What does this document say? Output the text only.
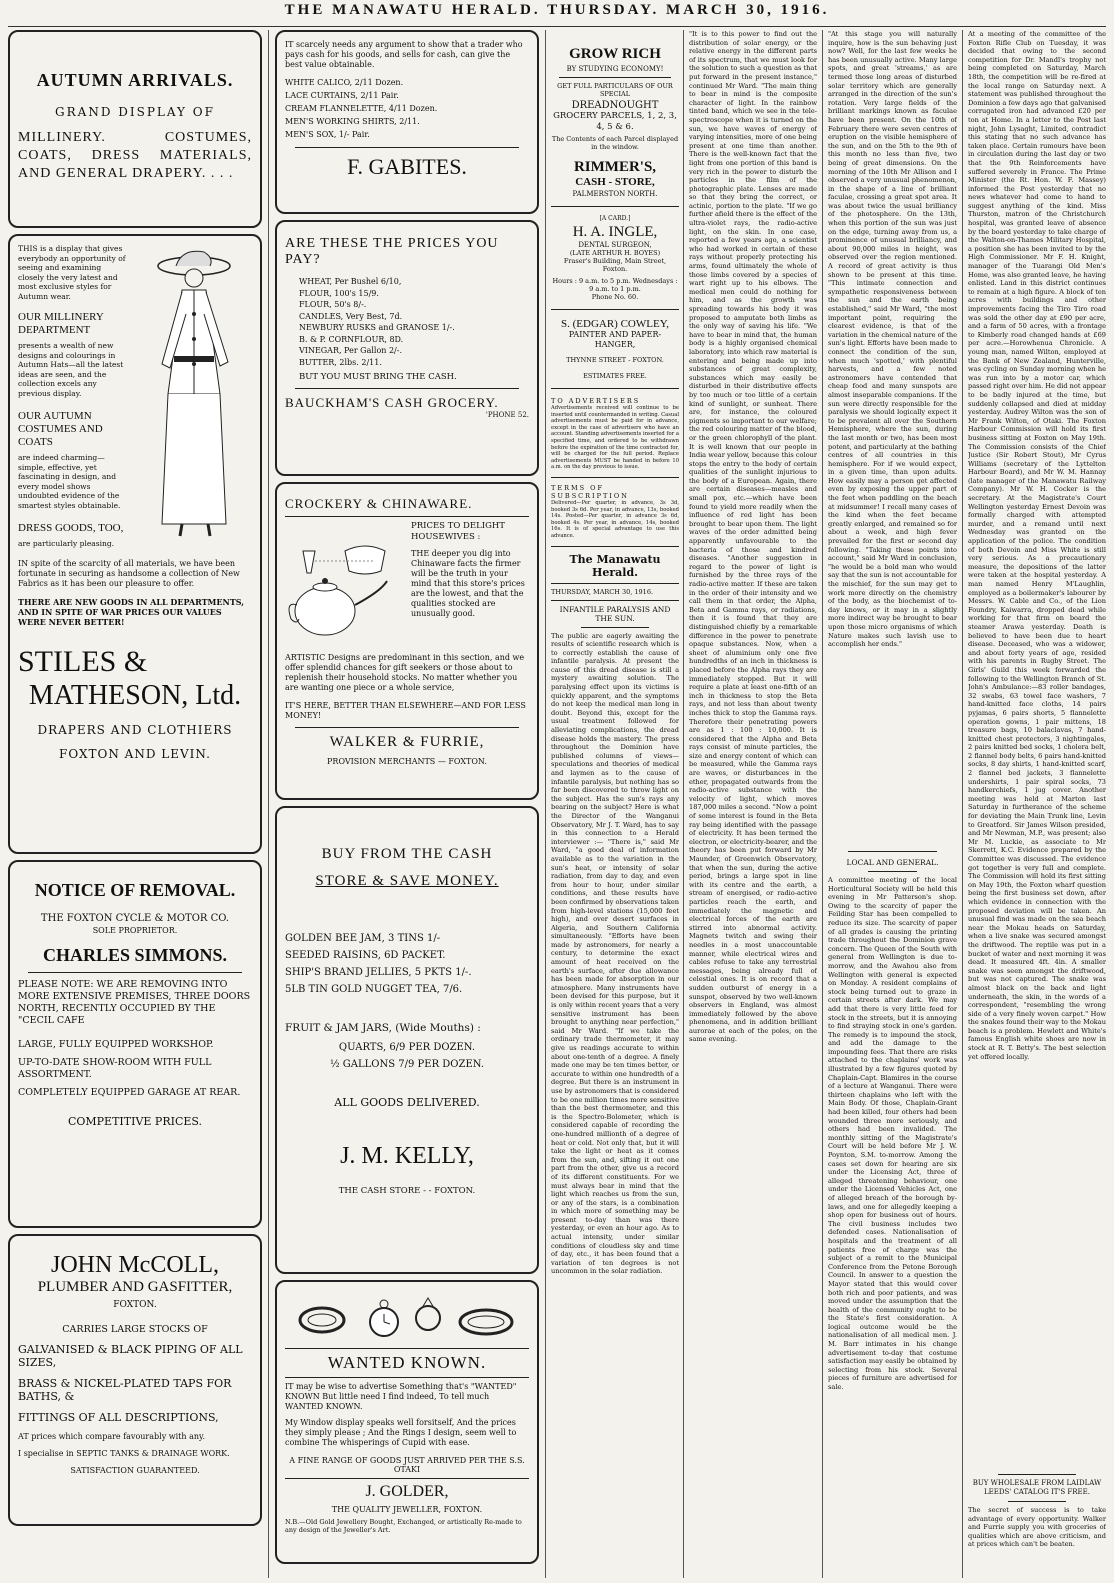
THE MANAWATU HERALD. THURSDAY. MARCH 30, 1916.
AUTUMN ARRIVALS.
GRAND DISPLAY OF
MILLINERY. COSTUMES, COATS, DRESS MATERIALS, AND GENERAL DRAPERY. . . .
THIS is a display that gives everybody an opportunity of seeing and examining closely the very latest and most exclusive styles for Autumn wear.
OUR MILLINERY DEPARTMENT
presents a wealth of new designs and colourings in Autumn Hats—all the latest ideas are seen, and the collection excels any previous display.
OUR AUTUMN COSTUMES AND COATS
are indeed charming—simple, effective, yet fascinating in design, and every model shows undoubted evidence of the smartest styles obtainable.
DRESS GOODS, TOO,
are particularly pleasing.
IN spite of the scarcity of all materials, we have been fortunate in securing as handsome a collection of New Fabrics as it has been our pleasure to offer.
THERE ARE NEW GOODS IN ALL DEPARTMENTS, AND IN SPITE OF WAR PRICES OUR VALUES WERE NEVER BETTER!
STILES &
MATHESON, Ltd.
DRAPERS AND CLOTHIERS
FOXTON AND LEVIN.
NOTICE OF REMOVAL.
THE FOXTON CYCLE & MOTOR CO.
SOLE PROPRIETOR.
CHARLES SIMMONS.
PLEASE NOTE: WE ARE REMOVING INTO MORE EXTENSIVE PREMISES, THREE DOORS NORTH, RECENTLY OCCUPIED BY THE "CECIL CAFE
LARGE, FULLY EQUIPPED WORKSHOP.
UP-TO-DATE SHOW-ROOM WITH FULL ASSORTMENT.
COMPLETELY EQUIPPED GARAGE AT REAR.
COMPETITIVE PRICES.
JOHN McCOLL,
PLUMBER AND GASFITTER,
FOXTON.
CARRIES LARGE STOCKS OF
GALVANISED & BLACK PIPING OF ALL SIZES,
BRASS & NICKEL-PLATED TAPS FOR BATHS, &
FITTINGS OF ALL DESCRIPTIONS,
AT prices which compare favourably with any.
I specialise in SEPTIC TANKS & DRAINAGE WORK.
SATISFACTION GUARANTEED.
IT scarcely needs any argument to show that a trader who pays cash for his goods, and sells for cash, can give the best value obtainable.
WHITE CALICO, 2/11 Dozen.
LACE CURTAINS, 2/11 Pair.
CREAM FLANNELETTE, 4/11 Dozen.
MEN'S WORKING SHIRTS, 2/11.
MEN'S SOX, 1/- Pair.
F. GABITES.
ARE THESE THE PRICES YOU PAY?
WHEAT, Per Bushel 6/10,
FLOUR, 100's 15/9.
FLOUR, 50's 8/-.
CANDLES, Very Best, 7d.
NEWBURY RUSKS and GRANOSE 1/-.
B. & P. CORNFLOUR, 8D.
VINEGAR, Per Gallon 2/-.
BUTTER, 2lbs. 2/11.
BUT YOU MUST BRING THE CASH.
BAUCKHAM'S CASH GROCERY.
'PHONE 52.
CROCKERY & CHINAWARE.
PRICES TO DELIGHT HOUSEWIVES :
THE deeper you dig into Chinaware facts the firmer will be the truth in your mind that this store's prices are the lowest, and that the qualities stocked are unusually good.
ARTISTIC Designs are predominant in this section, and we offer splendid chances for gift seekers or those about to replenish their household stocks. No matter whether you are wanting one piece or a whole service,
IT'S HERE, BETTER THAN ELSEWHERE—AND FOR LESS MONEY!
WALKER & FURRIE,
PROVISION MERCHANTS — FOXTON.
BUY FROM THE CASH
STORE & SAVE MONEY.
GOLDEN BEE JAM, 3 TINS 1/-
SEEDED RAISINS, 6D PACKET.
SHIP'S BRAND JELLIES, 5 PKTS 1/-.
5LB TIN GOLD NUGGET TEA, 7/6.
FRUIT & JAM JARS, (Wide Mouths) :
QUARTS, 6/9 PER DOZEN.
½ GALLONS 7/9 PER DOZEN.
ALL GOODS DELIVERED.
J. M. KELLY,
THE CASH STORE - - FOXTON.
WANTED KNOWN.
IT may be wise to advertise Something that's "WANTED" KNOWN But little need I find indeed, To tell much WANTED KNOWN.
My Window display speaks well forsitself, And the prices they simply please ; And the Rings I design, seem well to combine The whisperings of Cupid with ease.
A FINE RANGE OF GOODS JUST ARRIVED PER THE S.S. OTAKI
J. GOLDER,
THE QUALITY JEWELLER, FOXTON.
N.B.—Old Gold Jewellery Bought, Exchanged, or artistically Re-made to any design of the Jeweller's Art.
GROW RICH
BY STUDYING ECONOMY!
GET FULL PARTICULARS OF OUR SPECIAL
DREADNOUGHT
GROCERY PARCELS, 1, 2, 3, 4, 5 & 6.
The Contents of each Parcel displayed in the window.
RIMMER'S,
CASH - STORE,
PALMERSTON NORTH.
[A CARD.]
H. A. INGLE,
DENTAL SURGEON,
(LATE ARTHUR H. BOYES)
Fraser's Building, Main Street, Foxton.
Hours : 9 a.m. to 5 p.m. Wednesdays : 9 a.m. to 1 p.m.
Phone No. 60.
S. (EDGAR) COWLEY,
PAINTER AND PAPER-HANGER,
THYNNE STREET - FOXTON.
ESTIMATES FREE.
TO ADVERTISERS
Advertisements received will continue to be inserted until countermanded in writing. Casual advertisements must be paid for in advance, except in the case of advertisers who have an account. Standing advertisements inserted for a specified time, and ordered to be withdrawn before the expiration of the time contracted for, will be charged for the full period. Replace advertisements MUST be handed in before 10 a.m. on the day previous to issue.
TERMS OF SUBSCRIPTION
Delivered—Per quarter, in advance, 3s 3d, booked 3s 6d. Per year, in advance, 13s, booked 14s. Posted—Per quarter, in advance 3s 6d, booked 4s. Per year, in advance, 14s, booked 16s. It is of special advantage to use this advance.
The Manawatu Herald.
THURSDAY, MARCH 30, 1916.
INFANTILE PARALYSIS AND THE SUN.
The public are eagerly awaiting the results of scientific research which is to correctly establish the cause of infantile paralysis. At present the cause of this dread disease is still a mystery awaiting solution. The paralysing effect upon its victims is quickly apparent, and the symptoms do not keep the medical man long in doubt. Beyond this, except for the usual treatment followed for alleviating complications, the dread disease holds the mastery. The press throughout the Dominion have published columns of views—speculations and theories of medical and laymen as to the cause of infantile paralysis, but nothing has so far been discovered to throw light on the subject. Has the sun's rays any bearing on the subject? Here is what the Director of the Wanganui Observatory, Mr J. T. Ward, has to say in this connection to a Herald interviewer :— "There is," said Mr Ward, "a good deal of information available as to the variation in the sun's heat, or intensity of solar radiation, from day to day, and even from hour to hour, under similar conditions, and these results have been confirmed by observations taken from high-level stations (15,000 feet high), and over desert surfaces in Algeria, and Southern California simultaneously. "Efforts have been made by astronomers, for nearly a century, to determine the exact amount of heat received on the earth's surface, after due allowance has been made for absorption in our atmosphere. Many instruments have been devised for this purpose, but it is only within recent years that a very sensitive instrument has been brought to anything near perfection," said Mr Ward. "If we take the ordinary trade thermometer, it may give us readings accurate to within about one-tenth of a degree. A finely made one may be ten times better, or accurate to within one hundredth of a degree. But there is an instrument in use by astronomers that is considered to be one million times more sensitive than the best thermometer, and this is the Spectro-Bolometer, which is considered capable of recording the one-hundred millionth of a degree of heat or cold. Not only that, but it will take the light or heat as it comes from the sun, and, sifting it out one part from the other, give us a record of its different constituents. For we must always bear in mind that the light which reaches us from the sun, or any of the stars, is a combination in which more of something may be present to-day than was there yesterday, or even an hour ago. As to actual intensity, under similar conditions of cloudless sky and time of day, etc., it has been found that a variation of ten degrees is not uncommon in the solar radiation.
"It is to this power to find out the distribution of solar energy, or the relative energy in the different parts of its spectrum, that we must look for the solution to such a question as that put forward in the present instance," continued Mr Ward. "The main thing to bear in mind is the composite character of light. In the rainbow tinted band, which we see in the tele-spectroscope when it is turned on the sun, we have waves of energy of varying intensities, more of one being present at one time than another. There is the well-known fact that the light from one portion of this band is very rich in the power to disturb the particles in the film of the photographic plate. Lenses are made so that they bring the correct, or actinic, portion to the plate. "If we go further afield there is the effect of the ultra-violet rays, the radio-active light, on the skin. In one case, reported a few years ago, a scientist who had worked in certain of these rays without properly protecting his arms, found ultimately the whole of those limbs covered by a species of wart right up to his elbows. The medical men could do nothing for him, and as the growth was spreading towards his body it was proposed to amputate both limbs as the only way of saving his life. "We have to bear in mind that, the human body is a highly organised chemical laboratory, into which raw material is entering and being made up into substances of great complexity, substances which may easily be disturbed in their distributive effects by too much or too little of a certain kind of sunlight, or sunheat. There are, for instance, the coloured pigments so important to our welfare; the red colouring matter of the blood, or the green chlorophyll of the plant. It is well known that our people in India wear yellow, because this colour stops the entry to the body of certain qualities of the sunlight injurious to the body of a European. Again, there are certain diseases—measles and small pox, etc.—which have been found to yield more readily when the influence of red light has been brought to bear upon them. The light waves of the order admitted being apparently unfavourable to the bacteria of those and kindred diseases. "Another suggestion in regard to the power of light is furnished by the three rays of the radio-active matter. If these are taken in the order of their intensity and we call them in that order, the Alpha, Beta and Gamma rays, or radiations, then it is found that they are distinguished chiefly by a remarkable difference in the power to penetrate opaque substances. Now, when a sheet of aluminium only one five hundredths of an inch in thickness is placed before the Alpha rays they are immediately stopped. But it will require a plate at least one-fifth of an inch in thickness to stop the Beta rays, and not less than about twenty inches thick to stop the Gamma rays. Therefore their penetrating powers are as 1 : 100 : 10,000. It is considered that the Alpha and Beta rays consist of minute particles, the size and energy content of which can be measured, while the Gamma rays are waves, or disturbances in the ether, propagated outwards from the radio-active substance with the velocity of light, which moves 187,000 miles a second. "Now a point of some interest is found in the Beta ray being identified with the passage of electricity. It has been termed the electron, or electricity-bearer, and the theory has been put forward by Mr Maunder, of Greenwich Observatory, that when the sun, during the active period, brings a large spot in line with its centre and the earth, a stream of energised, or radio-active particles reach the earth, and immediately the magnetic and electrical forces of the earth are stirred into abnormal activity. Magnets twitch and swing their needles in a most unaccountable manner, while electrical wires and cables refuse to take any terrestrial messages, being already full of celestial ones. It is on record that a sudden outburst of energy in a sunspot, observed by two well-known observers in England, was almost immediately followed by the above phenomena, and in addition brilliant aurorae at each of the poles, on the same evening.
"At this stage you will naturally inquire, how is the sun behaving just now? Well, for the last few weeks he has been unusually active. Many large spots, and great 'streams,' as are termed those long areas of disturbed solar territory which are generally arranged in the direction of the sun's rotation. Very large fields of the brilliant markings known as faculae have been present. On the 10th of February there were seven centres of eruption on the visible hemisphere of the sun, and on the 5th to the 9th of this month no less than five, two being of great dimensions. On the morning of the 10th Mr Allison and I observed a very unusual phenomenon, in the shape of a line of brilliant faculae, crossing a great spot area. It was about twice the usual brilliancy of the photosphere. On the 13th, when this portion of the sun was just on the edge, turning away from us, a prominence of unusual brilliancy, and about 90,000 miles in height, was observed over the region mentioned. A record of great activity is thus shown to be present at this time. "This intimate connection and sympathetic responsiveness between the sun and the earth being established," said Mr Ward, "the most important point, requiring the clearest evidence, is that of the variation in the chemical nature of the sun's light. Efforts have been made to connect the condition of the sun, when much 'spotted,' with plentiful harvests, and a few noted astronomers have contended that cheap food and many sunspots are almost inseparable companions. If the sun were directly responsible for the paralysis we should logically expect it to be prevalent all over the Southern Hemisphere, where the sun, during the last month or two, has been most potent, and particularly at the bathing centres of all countries in this hemisphere. For if we would expect, in a given time, than upon adults. How easily may a person get affected even by exposing the upper part of the feet when paddling on the beach at midsummer! I recall many cases of the kind when the feet became greatly enlarged, and remained so for about a week, and high fever prevailed for the first or second day following. "Taking these points into account," said Mr Ward in conclusion, "he would be a bold man who would say that the sun is not accountable for the mischief, for the sun may get to work more directly on the chemistry of the body, as the biochemist of to-day knows, or it may in a slightly more indirect way be brought to bear upon those micro organisms of which Nature makes such lavish use to accomplish her ends."
LOCAL AND GENERAL.
A committee meeting of the local Horticultural Society will be held this evening in Mr Patterson's shop. Owing to the scarcity of paper the Feilding Star has been compelled to reduce its size. The scarcity of paper of all grades is causing the printing trade throughout the Dominion grave concern. The Queen of the South with general from Wellington is due to-morrow, and the Awahou also from Wellington with general is expected on Monday. A resident complains of stock being turned out to graze in certain streets after dark. We may add that there is very little feed for stock in the streets, but it is annoying to find straying stock in one's garden. The remedy is to impound the stock, and add the damage to the impounding fees. That there are risks attached to the chaplains' work was illustrated by a few figures quoted by Chaplain-Capt. Blamires in the course of a lecture at Wanganui. There were thirteen chaplains who left with the Main Body. Of those, Chaplain-Grant had been killed, four others had been wounded three more seriously, and others had been invalided. The monthly sitting of the Magistrate's Court will be held before Mr J. W. Poynton, S.M. to-morrow. Among the cases set down for hearing are six under the Licensing Act, three of alleged threatening behaviour, one under the Licensed Vehicles Act, one of alleged breach of the borough by-laws, and one for allegedly keeping a shop open for business out of hours. The civil business includes two defended cases. Nationalisation of hospitals and the treatment of all patients free of charge was the subject of a remit to the Municipal Conference from the Petone Borough Council. In answer to a question the Mayor stated that this would cover both rich and poor patients, and was moved under the assumption that the health of the community ought to be the State's first consideration. A logical outcome would be the nationalisation of all medical men. J. M. Barr intimates in his change advertisement to-day that costume satisfaction may easily be obtained by selecting from his stock. Several pieces of furniture are advertised for sale.
At a meeting of the committee of the Foxton Rifle Club on Tuesday, it was decided that owing to the second competition for Dr. Mandl's trophy not being completed on Saturday, March 18th, the competition will be re-fired at the local range on Saturday next. A statement was published throughout the Dominion a few days ago that galvanised corrugated iron had advanced £20 per ton at Home. In a letter to the Post last night, John Lysaght, Limited, contradict this stating that no such advance has taken place. Certain rumours have been in circulation during the last day or two that the 9th Reinforcements have suffered severely in France. The Prime Minister (the Rt. Hon. W. F. Massey) informed the Post yesterday that no news whatever had come to hand to suggest anything of the kind. Miss Thurston, matron of the Christchurch hospital, was granted leave of absence by the board yesterday to take charge of the Walton-on-Thames Military Hospital, a position she has been invited to by the High Commissioner. Mr F. H. Knight, manager of the Tuarangi Old Men's Home, was also granted leave, he having enlisted. Land in this district continues to remain at a high figure. A block of ten acres with buildings and other improvements facing the Tiro Tiro road was sold the other day at £90 per acre, and a farm of 50 acres, with a frontage to Kimberly road changed hands at £69 per acre.—Horowhenua Chronicle. A young man, named Wilton, employed at the Bank of New Zealand, Hunterville, was cycling on Sunday morning when he was run into by a motor car, which passed right over him. He did not appear to be badly injured at the time, but suddenly collapsed and died at midday yesterday. Audrey Wilton was the son of Mr Frank Wilton, of Otaki. The Foxton Harbour Commission will hold its first business sitting at Foxton on May 19th. The Commission consists of the Chief Justice (Sir Robert Stout), Mr Cyrus Williams (secretary of the Lyttelton Harbour Board), and Mr W. M. Hannay (late manager of the Manawatu Railway Company). Mr W. H. Cocker is the secretary. At the Magistrate's Court Wellington yesterday Ernest Devoin was formally charged with attempted murder, and a remand until next Wednesday was granted on the application of the police. The condition of both Devoin and Miss White is still very serious. As a precautionary measure, the depositions of the latter were taken at the hospital yesterday. A man named Henry M'Laughlin, employed as a boilermaker's labourer by Messrs. W. Cable and Co., of the Lion Foundry, Kaiwarra, dropped dead while working for that firm on board the steamer Arawa yesterday. Death is believed to have been due to heart disease. Deceased, who was a widower, and about forty years of age, resided with his parents in Rugby Street. The Girls' Guild this week forwarded the following to the Wellington Branch of St. John's Ambulance:—83 roller bandages, 32 swabs, 63 towel face washers, 7 hand-knitted face cloths, 14 pairs pyjamas, 6 pairs shorts, 5 flannelette operation gowns, 1 pair mittens, 18 treasure bags, 10 balaclavas, 7 hand-knitted chest protectors, 3 nightingales, 2 pairs knitted bed socks, 1 cholera belt, 2 flannel body belts, 6 pairs hand-knitted socks, 8 day shirts, 1 hand-knitted scarf, 2 flannel bed jackets, 3 flannelette undershirts, 1 pair spiral socks, 73 handkerchiefs, 1 jug cover. Another meeting was held at Marton last Saturday in furtherance of the scheme for deviating the Main Trunk line, Levin to Greatford. Sir James Wilson presided, and Mr Newman, M.P., was present; also Mr M. Luckie, as associate to Mr Skerrett, K.C. Evidence prepared by the Committee was discussed. The evidence got together is very full and complete. The Commission will hold its first sitting on May 19th, the Foxton wharf question being the first business set down, after which evidence in connection with the proposed deviation will be taken. An unusual find was made on the sea beach near the Mokau heads on Saturday, when a live snake was secured amongst the driftwood. The reptile was put in a bucket of water and next morning it was dead. It measured 4ft. 4in. A smaller snake was seen amongst the driftwood, but was not captured. The snake was almost black on the back and light underneath, the skin, in the words of a correspondent, "resembling the wrong side of a very finely woven carpet." How the snakes found their way to the Mokau beach is a problem. Hewlett and White's famous English white shoes are now in stock at R. T. Betty's. The best selection yet offered locally.
BUY WHOLESALE FROM LAIDLAW LEEDS' CATALOG IT'S FREE.
The secret of success is to take advantage of every opportunity. Walker and Furrie supply you with groceries of qualities which are above criticism, and at prices which can't be beaten.
